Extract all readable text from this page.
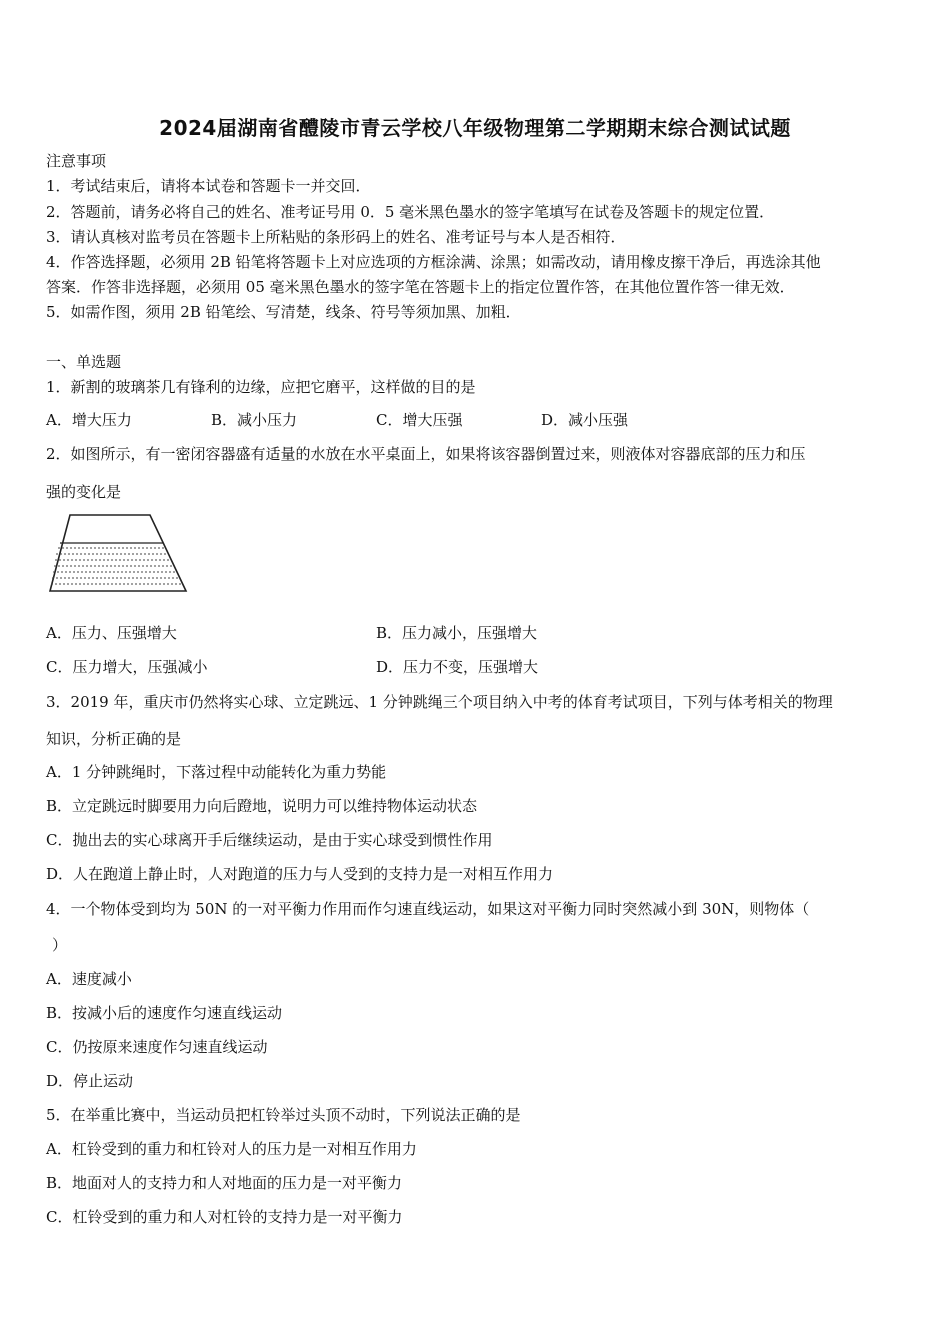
2024届湖南省醴陵市青云学校八年级物理第二学期期末综合测试试题
注意事项
1．考试结束后，请将本试卷和答题卡一并交回．
2．答题前，请务必将自己的姓名、准考证号用 0．5 毫米黑色墨水的签字笔填写在试卷及答题卡的规定位置．
3．请认真核对监考员在答题卡上所粘贴的条形码上的姓名、准考证号与本人是否相符．
4．作答选择题，必须用 2B 铅笔将答题卡上对应选项的方框涂满、涂黑；如需改动，请用橡皮擦干净后，再选涂其他
答案．作答非选择题，必须用 05 毫米黑色墨水的签字笔在答题卡上的指定位置作答，在其他位置作答一律无效．
5．如需作图，须用 2B 铅笔绘、写清楚，线条、符号等须加黑、加粗．
一、单选题
1．新割的玻璃茶几有锋利的边缘，应把它磨平，这样做的目的是
A．增大压力	B．减小压力	C．增大压强	D．减小压强
2．如图所示，有一密闭容器盛有适量的水放在水平桌面上，如果将该容器倒置过来，则液体对容器底部的压力和压
强的变化是
A．压力、压强增大	B．压力减小，压强增大
C．压力增大，压强减小	D．压力不变，压强增大
3．2019 年，重庆市仍然将实心球、立定跳远、1 分钟跳绳三个项目纳入中考的体育考试项目，下列与体考相关的物理
知识，分析正确的是
A．1 分钟跳绳时，下落过程中动能转化为重力势能
B．立定跳远时脚要用力向后蹬地，说明力可以维持物体运动状态
C．抛出去的实心球离开手后继续运动，是由于实心球受到惯性作用
D．人在跑道上静止时，人对跑道的压力与人受到的支持力是一对相互作用力
4．一个物体受到均为 50N 的一对平衡力作用而作匀速直线运动，如果这对平衡力同时突然减小到 30N，则物体（
）
A．速度减小
B．按减小后的速度作匀速直线运动
C．仍按原来速度作匀速直线运动
D．停止运动
5．在举重比赛中，当运动员把杠铃举过头顶不动时，下列说法正确的是
A．杠铃受到的重力和杠铃对人的压力是一对相互作用力
B．地面对人的支持力和人对地面的压力是一对平衡力
C．杠铃受到的重力和人对杠铃的支持力是一对平衡力
